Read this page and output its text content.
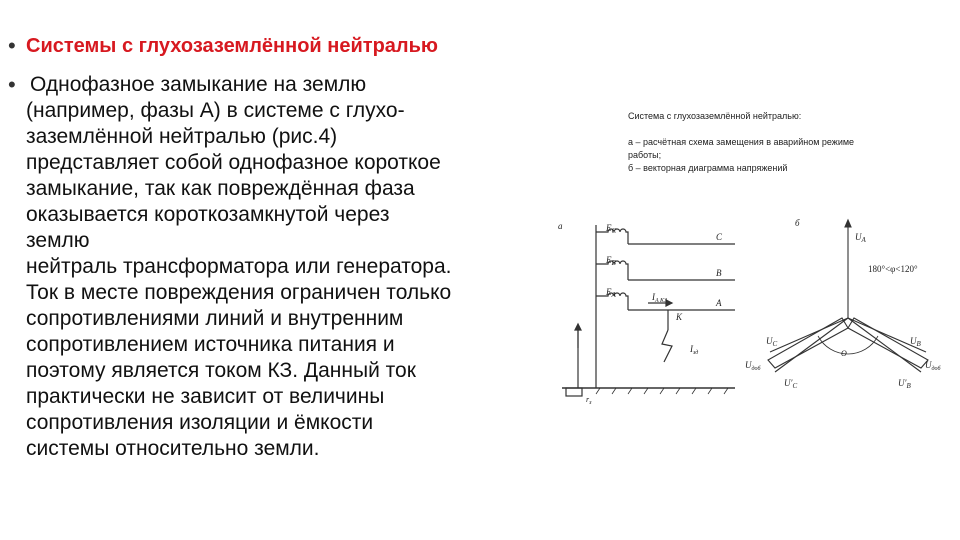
• Системы с глухозаземлённой нейтралью
• Однофазное замыкание на землю
(например, фазы А) в системе с глухо-
заземлённой нейтралью (рис.4)
представляет собой однофазное короткое
замыкание, так как повреждённая фаза
оказывается короткозамкнутой через
землю
нейтраль трансформатора или генератора.
Ток в месте повреждения ограничен только
сопротивлениями линий и внутренним
сопротивлением источника питания и
поэтому является током КЗ. Данный ток
практически не зависит от величины
сопротивления изоляции и ёмкости
системы относительно земли.

Система с глухозаземлённой нейтралью:
а – расчётная схема замещения в аварийном режиме
работы;
б – векторная диаграмма напряжений
а	$E_C$
$E_B$
$E_A$
C
B
A
K
$I_{A КЗ}$
$I_{зд}$
$r_з$
б
$U_A$
180°<φ<120°
$U_C$	$U_B$
$U_{доб}$	$U_{доб}$
$U'_C$	$U'_B$
O
